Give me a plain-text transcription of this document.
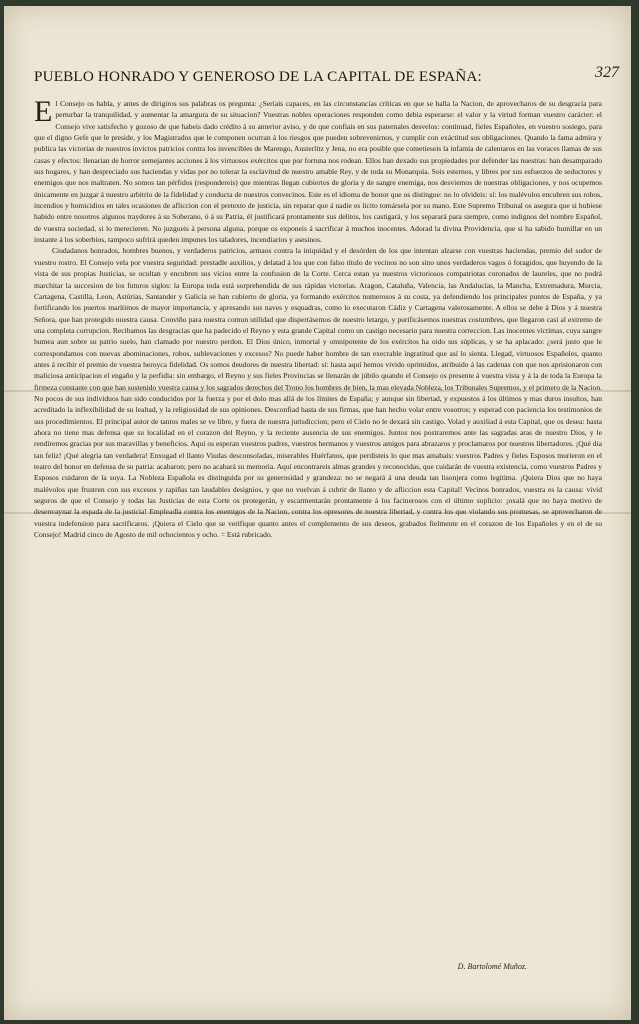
327
PUEBLO HONRADO Y GENEROSO DE LA CAPITAL DE ESPAÑA:

El Consejo os habla, y antes de dirigiros sus palabras os pregunta: ¿Seriais capaces, en las circunstancias críticas en que se halla la Nacion, de aprovecharos de su desgracia para perturbar la tranquilidad, y aumentar la amargura de su situacion? Vuestras nobles operaciones responden como debia esperarse: el valor y la virtud forman vuestro carácter: el Consejo vive satisfecho y gozoso de que habeis dado crédito á su anterior aviso, y de que confiais en sus paternales desvelos: continuad, fieles Españoles, en vuestro sosiego, para que el digno Gefe que le preside, y los Magistrados que le componen ocurran á los riesgos que pueden sobrevenirnos, y cumplir con exáctitud sus obligaciones. Quando la fama admira y publica las victorias de nuestros invictos patricios contra los invencibles de Marengo, Austerlitz y Jena, no era posible que cometieseis la infamia de calentaros en las voraces llamas de sus casas y efectos: llenarian de horror semejantes acciones á los virtuosos exércitos que por fortuna nos rodean. Ellos han dexado sus propiedades por defender las nuestras: han desamparado sus hogares, y han despreciado sus haciendas y vidas por no tolerar la esclavitud de nuestro amable Rey, y de toda su Monarquía. Sois esternos, y libres por sus esfuerzos de seductores y enemigos que nos maltraten. No somos tan pérfidos (respondereis) que mientras llegan cubiertos de gloria y de sangre enemiga, nos desviemos de nuestras obligaciones, y nos ocupemos únicamente en juzgar á nuestro arbitrio de la fidelidad y conducta de nuestros convecinos. Este es el idioma de honor que os distingue: no lo olvideis: sí: los malévolos encubren sus robos, incendios y homicidios en tales ocasiones de afliccion con el pretexto de justicia, sin reparar que á nadie es lícito tomársela por su mano. Este Supremo Tribunal os asegura que si hubiese habido entre nosotros algunos traydores á su Soberano, ó á su Patria, él justificará prontamente sus delitos, los castigará, y los separará para siempre, como indignos del nombre Español, de vuestra sociedad, si lo merecieren. No juzgueis á persona alguna, porque os exponeis á sacrificar á muchos inocentes. Adorad la divina Providencia, que si ha sabido humillar en un instante á los soberbios, tampoco sufrirá queden impunes los taladores, incendiarios y asesinos.

Ciudadanos honrados, hombres buenos, y verdaderos patricios, armaos contra la iniquidad y el desórden de los que intentan alzarse con vuestras haciendas, premio del sudor de vuestro rostro. El Consejo vela por vuestra seguridad: prestadle auxilios, y delatad á los que con falso título de vecinos no son sino unos verdaderos vagos ó foragidos, que huyendo de la vista de sus propias Justicias, se ocultan y encubren sus vicios entre la confusion de la Corte. Cerca estan ya nuestros victoriosos compatriotas coronados de laureles, que no podrá marchitar la succesion de los futuros siglos: la Europa toda está sorprehendida de sus rápidas victorias. Aragon, Cataluña, Valencia, las Andalucías, la Mancha, Extremadura, Murcia, Cartagena, Castilla, Leon, Astúrias, Santander y Galicia se han cubierto de gloria, ya formando exércitos numerosos á su costa, ya defendiendo los principales puntos de España, y ya fortificando los puertos marítimos de mayor importancia, y apresando sus naves y esquadras, como lo executaron Cádiz y Cartagena valerosamente. A ellos se debe á Dios y á nuestra Señora, que han protegido nuestra causa. Conviño para nuestra comun utilidad que dispertásemos de nuestro letargo, y purificásemos nuestras costumbres, que llegaron casi al extremo de una completa corrupcion. Recibamos las desgracias que ha padecido el Reyno y esta grande Capital como un castigo necesario para nuestra correccion. Las inocentes víctimas, cuya sangre humea aun sobre su patrio suelo, han clamado por nuestro perdon. El Dios único, inmortal y omnipotente de los exércitos ha oido sus súplicas, y se ha aplacado: ¿será justo que le correspondamos con nuevas abominaciones, robos, sublevaciones y excesos? No puede haber hombre de tan execrable ingratitud que así lo sienta. Llegad, virtuosos Españoles, quanto antes á recibir el premio de vuestra heroyca fidelidad. Os somos deudores de nuestra libertad: sí: hasta aquí hemos vivido oprimidos, atribuido á las cadenas con que nos aprisionaron con maliciosa anticipacion el engaño y la perfidia: sin embargo, el Reyno y sus fieles Provincias se llenarán de júbilo quando el Consejo os presente á vuestra vista y á la de toda la Europa la firmeza constante con que han sostenido vuestra causa y los sagrados derechos del Trono los hombres de bien, la mas elevada Nobleza, los Tribunales Supremos, y el primero de la Nacion. No pocos de sus individuos han sido conducidos por la fuerza y por el dolo mas allá de los límites de España; y aunque sin libertad, y expuestos á los últimos y mas duros insultos, han acreditado la inflexibilidad de su lealtad, y la religiosidad de sus opiniones. Desconfiad hasta de sus firmas, que han hecho volar entre vosotros; y esperad con paciencia los testimonios de sus procedimientos. El principal autor de tantos males se ve libre, y fuera de nuestra jurisdiccion; pero el Cielo no le dexará sin castigo. Volad y auxiliad á esta Capital, que os desea: hasta ahora no tiene mas defensa que su localidad en el corazon del Reyno, y la reciente ausencia de sus enemigos. Juntos nos postraremos ante las sagradas aras de nuestro Dios, y le rendiremos gracias por sus maravillas y beneficios. Aquí os esperan vuestros padres, vuestros hermanos y vuestros amigos para abrazaros y proclamaros por nuestros libertadores. ¡Qué dia tan feliz! ¡Qué alegría tan verdadera! Enxugad el llanto Viudas desconsoladas, miserables Huérfanos, que perdisteis lo que mas amabais: vuestros Padres y fieles Esposos murieron en el teatro del honor en defensa de su patria: acabaron; pero no acabará su memoria. Aquí encontrareis almas grandes y reconocidas, que cuidarán de vuestra existencia, como vuestros Padres y Esposos cuidaron de la suya. La Nobleza Española es distinguida por su generosidad y grandeza: no se negará á una deuda tan lisonjera como legítima. ¡Quiera Dios que no haya malévolos que frustren con sus excesos y rapiñas tan laudables designios, y que no vuelvan á cubrir de llanto y de afliccion esta Capital! Vecinos honrados, vuestra es la causa: vivid seguros de que el Consejo y todas las Justicias de esta Corte os protegerán, y escarmentarán prontamente á los facinerosos con el último suplicio: ¡oxalá que no haya motivo de desenvaynar la espada de la justicia! Empleadla contra los enemigos de la Nacion, contra los opresores de nuestra libertad, y contra los que violando sus promesas, se aprovecharon de vuestra indefension para sacrificaros. ¡Quiera el Cielo que se verifique quanto antes el complemento de sus deseos, grabados fielmente en el corazon de los Españoles y en el de su Consejo! Madrid cinco de Agosto de mil ochocientos y ocho. = Está rubricado.

D. Bartolomé Muñoz.
